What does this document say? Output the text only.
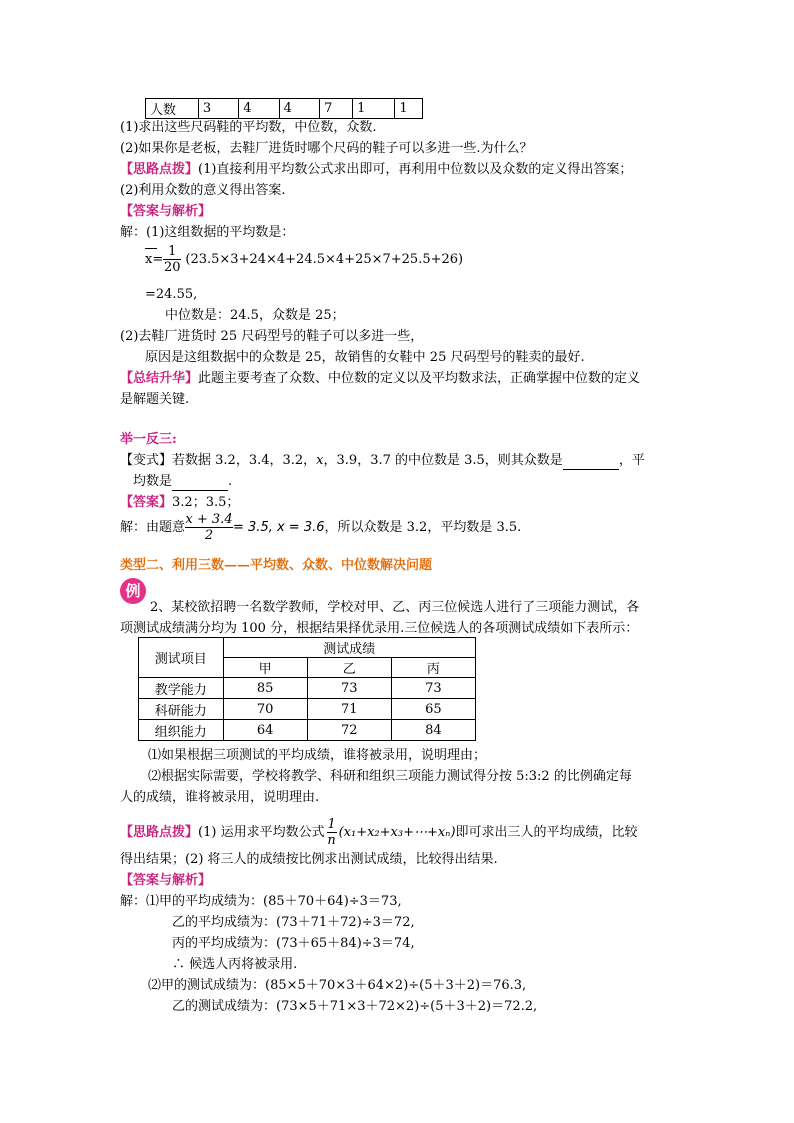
人数	3	4	4	7	1	1
(1)求出这些尺码鞋的平均数，中位数，众数.
(2)如果你是老板，去鞋厂进货时哪个尺码的鞋子可以多进一些.为什么？
【思路点拨】(1)直接利用平均数公式求出即可，再利用中位数以及众数的定义得出答案；
(2)利用众数的意义得出答案.
【答案与解析】
解：(1)这组数据的平均数是：
$x= \frac{1}{20} (23.5\times 3+24\times 4+24.5\times 4+25\times 7+25.5+26)$
=24.55,
中位数是：24.5，众数是 25；
(2)去鞋厂进货时 25 尺码型号的鞋子可以多进一些，
原因是这组数据中的众数是 25，故销售的女鞋中 25 尺码型号的鞋卖的最好.
【总结升华】此题主要考查了众数、中位数的定义以及平均数求法，正确掌握中位数的定义
是解题关键.
举一反三:
【变式】若数据 3.2，3.4，3.2，x，3.9，3.7 的中位数是 3.5，则其众数是	，平
均数是	.
【答案】3.2；3.5；
解：由题意 $\frac{x + 3.4}{2} = 3.5$, x = 3.6，所以众数是 3.2，平均数是 3.5.
类型二、利用三数——平均数、众数、中位数解决问题
例
2、某校欲招聘一名数学教师，学校对甲、乙、丙三位候选人进行了三项能力测试，各
项测试成绩满分均为 100 分，根据结果择优录用.三位候选人的各项测试成绩如下表所示：
测试项目	测试成绩		
	甲	乙	丙
教学能力	85	73	73
科研能力	70	71	65
组织能力	64	72	84
⑴如果根据三项测试的平均成绩，谁将被录用，说明理由；
⑵根据实际需要，学校将教学、科研和组织三项能力测试得分按 5:3:2 的比例确定每
人的成绩，谁将被录用，说明理由.
【思路点拨】(1) 运用求平均数公式 $\frac{1}{n}$ (x₁+x₂+x₃+⋯+xₙ)即可求出三人的平均成绩，比较
得出结果；(2) 将三人的成绩按比例求出测试成绩，比较得出结果.
【答案与解析】
解：⑴甲的平均成绩为：(85＋70＋64)÷3＝73,
乙的平均成绩为：(73＋71＋72)÷3＝72,
丙的平均成绩为：(73＋65＋84)÷3＝74,
∴ 候选人丙将被录用.
⑵甲的测试成绩为：(85×5＋70×3＋64×2)÷(5＋3＋2)＝76.3,
乙的测试成绩为：(73×5＋71×3＋72×2)÷(5＋3＋2)＝72.2,
